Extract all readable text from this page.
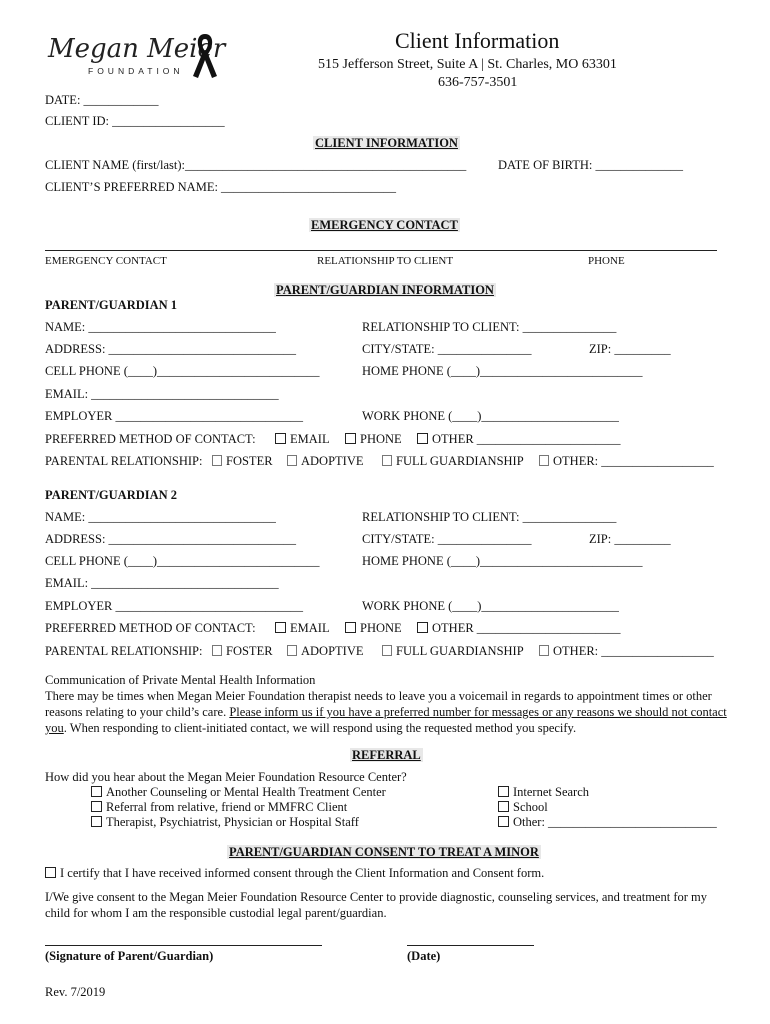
Megan Meier
FOUNDATION
Client Information
515 Jefferson Street, Suite A | St. Charles, MO 63301
636-757-3501
DATE: ____________
CLIENT ID: __________________
CLIENT INFORMATION
CLIENT NAME (first/last):_____________________________________________	DATE OF BIRTH: ______________
CLIENT’S PREFERRED NAME: ____________________________
EMERGENCY CONTACT
EMERGENCY CONTACT	RELATIONSHIP TO CLIENT	PHONE
PARENT/GUARDIAN INFORMATION
PARENT/GUARDIAN 1
NAME: ______________________________	RELATIONSHIP TO CLIENT: _______________
ADDRESS: ______________________________	CITY/STATE: _______________	ZIP: _________
CELL PHONE (____)__________________________	HOME PHONE (____)__________________________
EMAIL: ______________________________
EMPLOYER ______________________________	WORK PHONE (____)______________________
PREFERRED METHOD OF CONTACT:	EMAIL	PHONE	OTHER _______________________
PARENTAL RELATIONSHIP:	FOSTER	ADOPTIVE	FULL GUARDIANSHIP	OTHER: __________________
PARENT/GUARDIAN 2
NAME: ______________________________	RELATIONSHIP TO CLIENT: _______________
ADDRESS: ______________________________	CITY/STATE: _______________	ZIP: _________
CELL PHONE (____)__________________________	HOME PHONE (____)__________________________
EMAIL: ______________________________
EMPLOYER ______________________________	WORK PHONE (____)______________________
PREFERRED METHOD OF CONTACT:	EMAIL	PHONE	OTHER _______________________
PARENTAL RELATIONSHIP:	FOSTER	ADOPTIVE	FULL GUARDIANSHIP	OTHER: __________________
Communication of Private Mental Health Information
There may be times when Megan Meier Foundation therapist needs to leave you a voicemail in regards to appointment times or other reasons relating to your child’s care. Please inform us if you have a preferred number for messages or any reasons we should not contact you. When responding to client-initiated contact, we will respond using the requested method you specify.
REFERRAL
How did you hear about the Megan Meier Foundation Resource Center?
Another Counseling or Mental Health Treatment Center
Referral from relative, friend or MMFRC Client
Therapist, Psychiatrist, Physician or Hospital Staff
Internet Search
School
Other: ___________________________
PARENT/GUARDIAN CONSENT TO TREAT A MINOR
I certify that I have received informed consent through the Client Information and Consent form.
I/We give consent to the Megan Meier Foundation Resource Center to provide diagnostic, counseling services, and treatment for my child for whom I am the responsible custodial legal parent/guardian.
(Signature of Parent/Guardian)	(Date)
Rev. 7/2019
